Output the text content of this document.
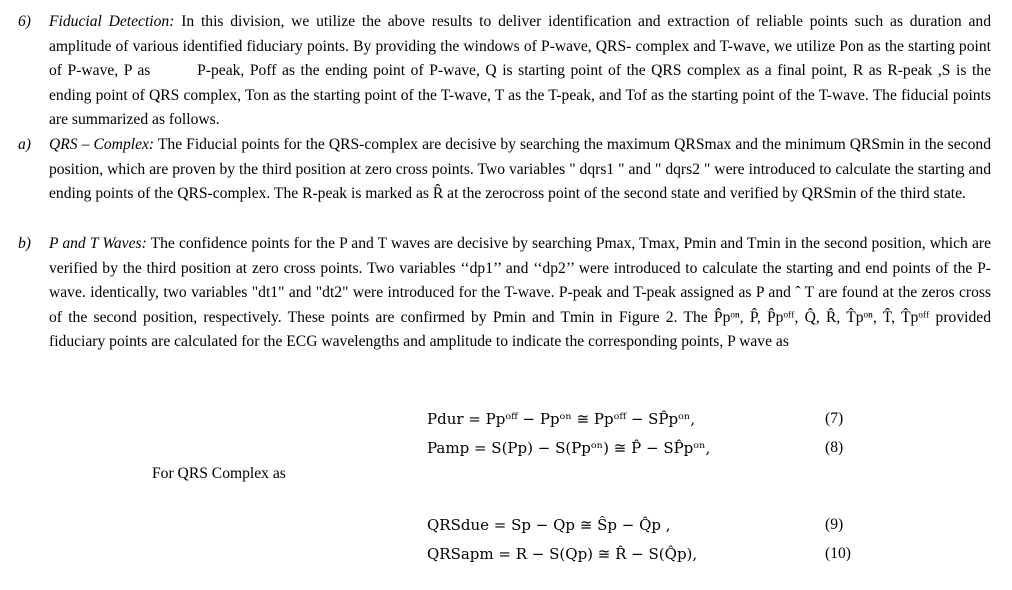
6) Fiducial Detection: In this division, we utilize the above results to deliver identification and extraction of reliable points such as duration and amplitude of various identified fiduciary points. By providing the windows of P-wave, QRS- complex and T-wave, we utilize Pon as the starting point of P-wave, P as   P-peak, Poff as the ending point of P-wave, Q is starting point of the QRS complex as a final point, R as R-peak ,S is the ending point of QRS complex, Ton as the starting point of the T-wave, T as the T-peak, and Tof as the starting point of the T-wave. The fiducial points are summarized as follows.
a) QRS – Complex: The Fiducial points for the QRS-complex are decisive by searching the maximum QRSmax and the minimum QRSmin in the second position, which are proven by the third position at zero cross points. Two variables " dqrs1 " and " dqrs2 " were introduced to calculate the starting and ending points of the QRS-complex. The R-peak is marked as R̂ at the zerocross point of the second state and verified by QRSmin of the third state.
b) P and T Waves: The confidence points for the P and T waves are decisive by searching Pmax, Tmax, Pmin and Tmin in the second position, which are verified by the third position at zero cross points. Two variables ‘‘dp1’’ and ‘‘dp2’’ were introduced to calculate the starting and end points of the P-wave. identically, two variables "dt1" and "dt2" were introduced for the T-wave. P-peak and T-peak assigned as P and ˆ T are found at the zeros cross of the second position, respectively. These points are confirmed by Pmin and Tmin in Figure 2. The P̂pᵒⁿ, P̂, P̂pᵒᶠᶠ, Q̂, R̂, T̂pᵒⁿ, T̂, T̂pᵒᶠᶠ provided fiduciary points are calculated for the ECG wavelengths and amplitude to indicate the corresponding points, P wave as
Pdur = Ppᵒᶠᶠ − Ppᵒⁿ ≅ Ppᵒᶠᶠ − SP̂pᵒⁿ,	(7)
Pamp = S(Pp) − S(Ppᵒⁿ) ≅ P̂ − SP̂pᵒⁿ,	(8)
For QRS Complex as
QRSdue = Sp − Qp ≅ Ŝp − Q̂p ,	(9)
QRSapm = R − S(Qp) ≅ R̂ − S(Q̂p),	(10)
